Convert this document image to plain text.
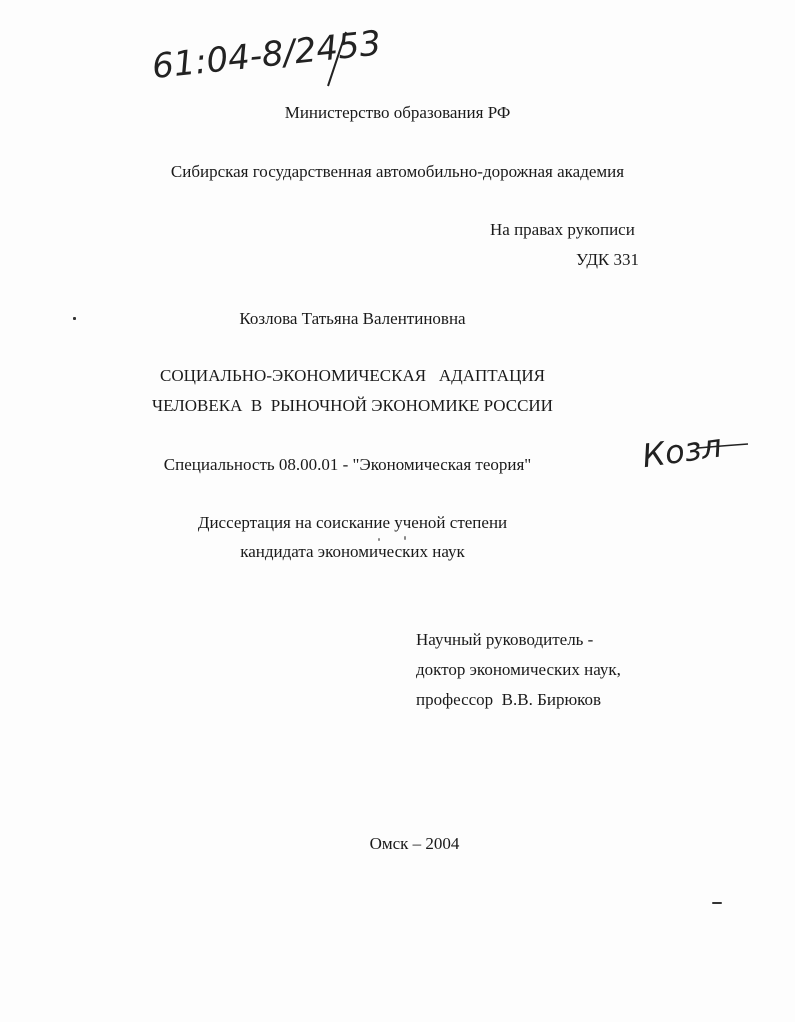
61:04-8/2453
Министерство образования РФ
Сибирская государственная автомобильно-дорожная академия
На правах рукописи
УДК 331
Козлова Татьяна Валентиновна
СОЦИАЛЬНО-ЭКОНОМИЧЕСКАЯ   АДАПТАЦИЯ
ЧЕЛОВЕКА  В  РЫНОЧНОЙ ЭКОНОМИКЕ РОССИИ
Козл
Специальность 08.00.01 - "Экономическая теория"
Диссертация на соискание ученой степени
кандидата экономических наук
Научный руководитель -
доктор экономических наук,
профессор  В.В. Бирюков
Омск – 2004
